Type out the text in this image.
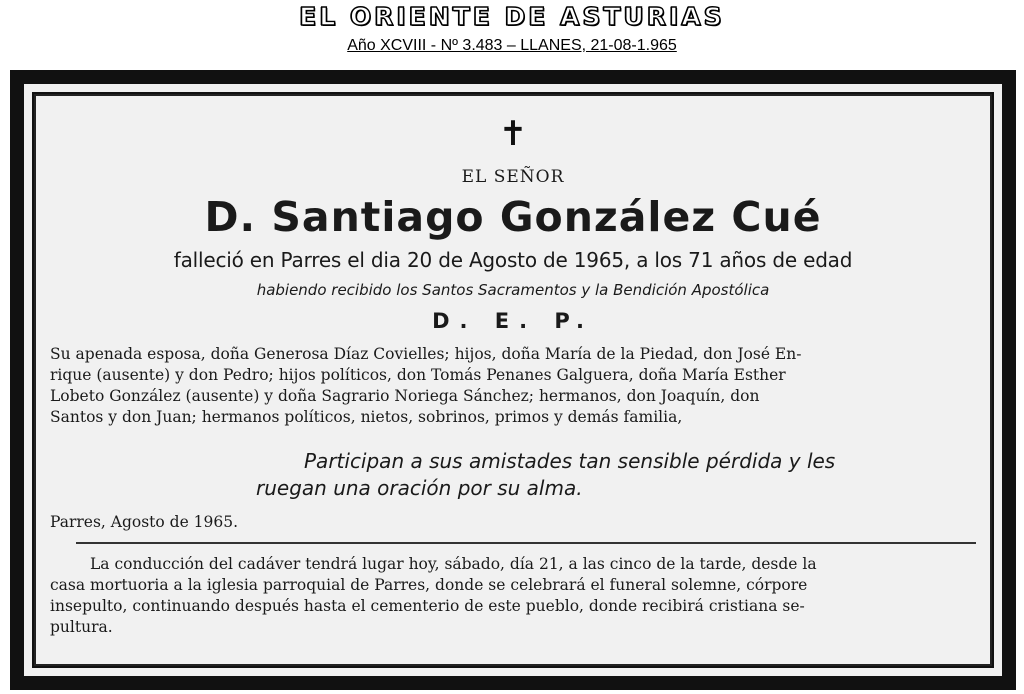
EL ORIENTE DE ASTURIAS
Año XCVIII - Nº 3.483 – LLANES, 21-08-1.965
✝
EL SEÑOR
D. Santiago González Cué
falleció en Parres el dia 20 de Agosto de 1965, a los 71 años de edad
habiendo recibido los Santos Sacramentos y la Bendición Apostólica
D. E. P.
Su apenada esposa, doña Generosa Díaz Covielles; hijos, doña María de la Piedad, don José En-
rique (ausente) y don Pedro; hijos políticos, don Tomás Penanes Galguera, doña María Esther
Lobeto González (ausente) y doña Sagrario Noriega Sánchez; hermanos, don Joaquín, don
Santos y don Juan; hermanos políticos, nietos, sobrinos, primos y demás familia,
Participan a sus amistades tan sensible pérdida y les
ruegan una oración por su alma.
Parres, Agosto de 1965.
La conducción del cadáver tendrá lugar hoy, sábado, día 21, a las cinco de la tarde, desde la
casa mortuoria a la iglesia parroquial de Parres, donde se celebrará el funeral solemne, córpore
insepulto, continuando después hasta el cementerio de este pueblo, donde recibirá cristiana se-
pultura.
